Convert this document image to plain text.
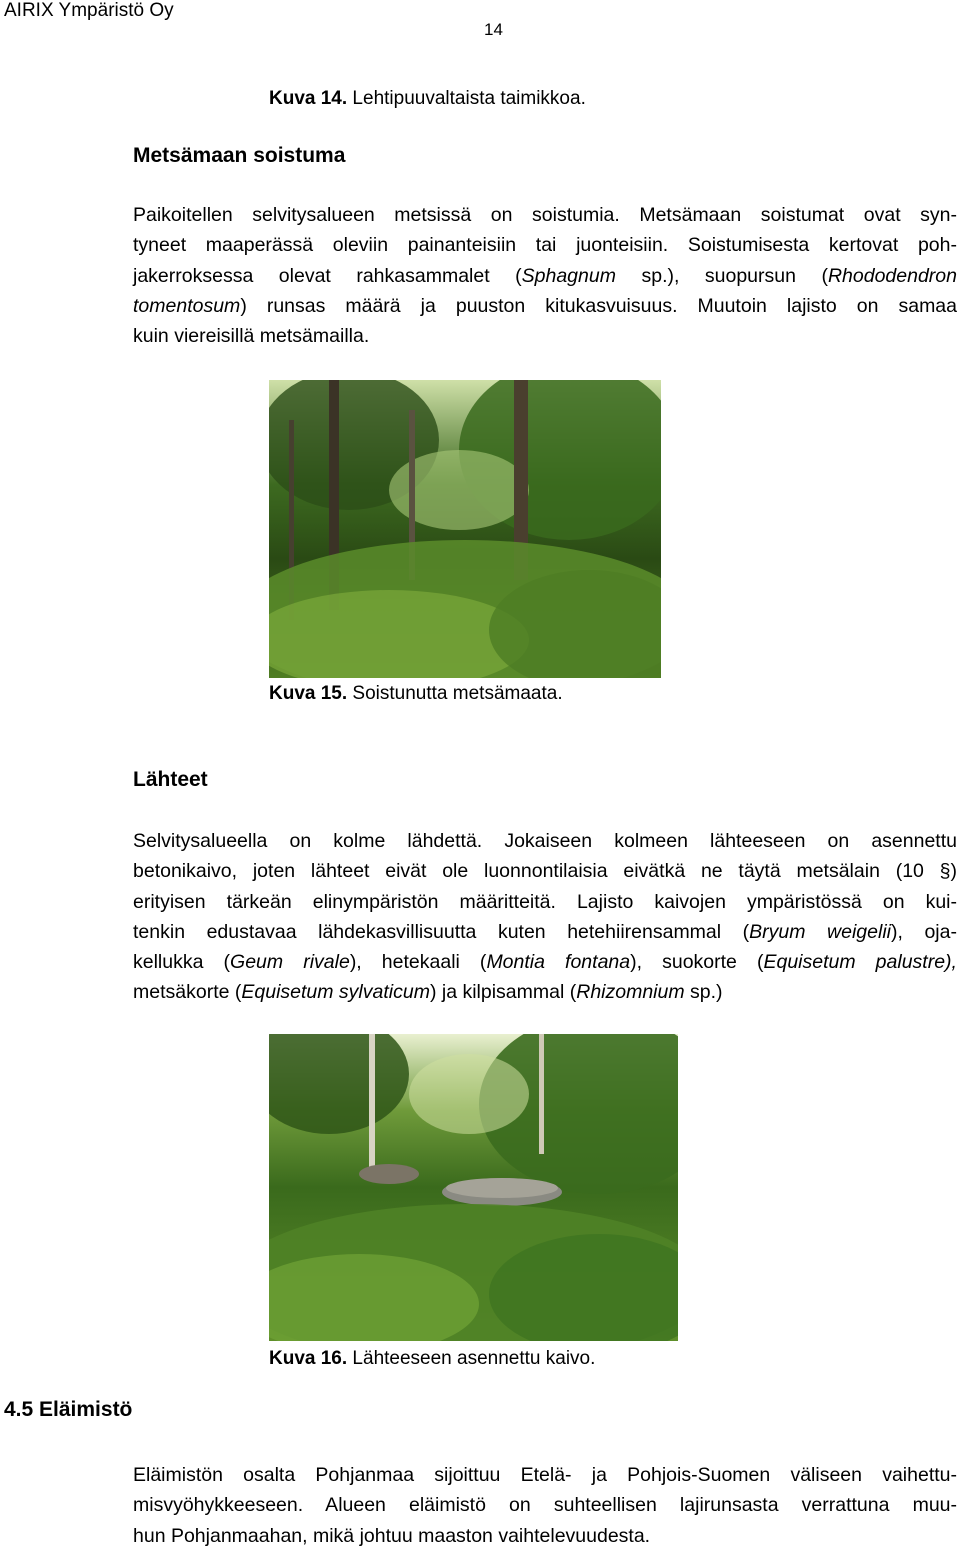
AIRIX Ympäristö Oy
14
Kuva 14. Lehtipuuvaltaista taimikkoa.
Metsämaan soistuma
Paikoitellen selvitysalueen metsissä on soistumia. Metsämaan soistumat ovat syn-
tyneet maaperässä oleviin painanteisiin tai juonteisiin. Soistumisesta kertovat poh-
jakerroksessa olevat rahkasammalet (Sphagnum sp.), suopursun (Rhododendron
tomentosum) runsas määrä ja puuston kitukasvuisuus. Muutoin lajisto on samaa
kuin viereisillä metsämailla.
Kuva 15. Soistunutta metsämaata.
Lähteet
Selvitysalueella on kolme lähdettä. Jokaiseen kolmeen lähteeseen on asennettu
betonikaivo, joten lähteet eivät ole luonnontilaisia eivätkä ne täytä metsälain (10 §)
erityisen tärkeän elinympäristön määritteitä. Lajisto kaivojen ympäristössä on kui-
tenkin edustavaa lähdekasvillisuutta kuten hetehiirensammal (Bryum weigelii), oja-
kellukka (Geum rivale), hetekaali (Montia fontana), suokorte (Equisetum palustre),
metsäkorte (Equisetum sylvaticum) ja kilpisammal (Rhizomnium sp.)
Kuva 16. Lähteeseen asennettu kaivo.
4.5 Eläimistö
Eläimistön osalta Pohjanmaa sijoittuu Etelä- ja Pohjois-Suomen väliseen vaihettu-
misvyöhykkeeseen. Alueen eläimistö on suhteellisen lajirunsasta verrattuna muu-
hun Pohjanmaahan, mikä johtuu maaston vaihtelevuudesta.
